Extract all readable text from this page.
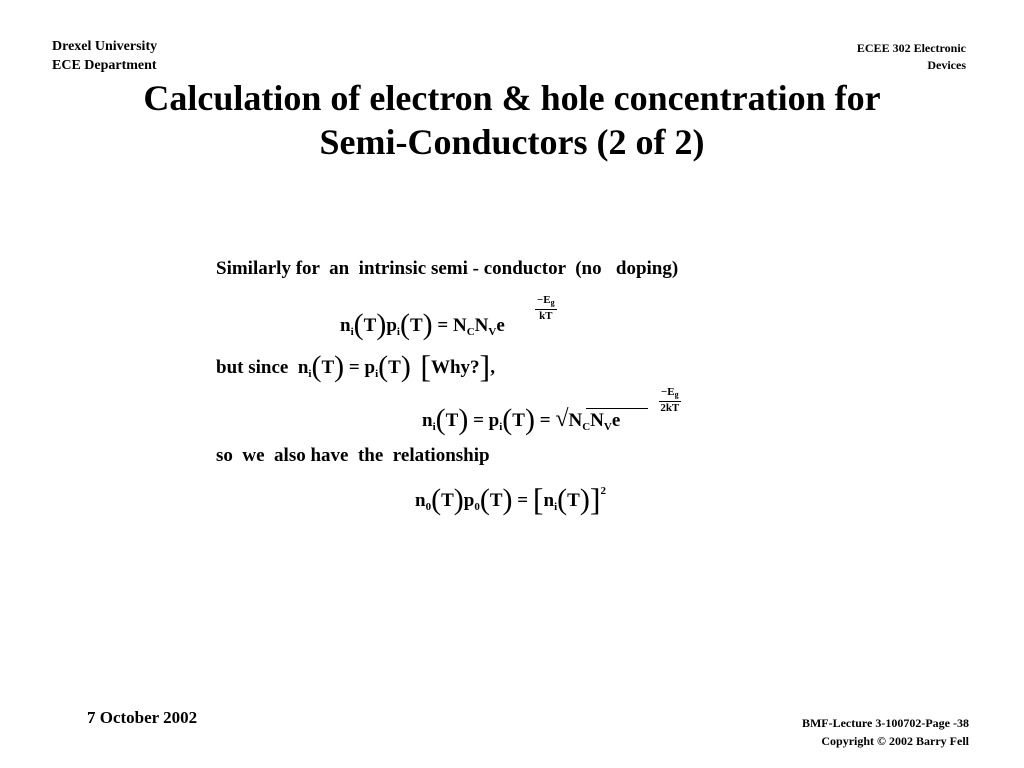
Drexel University
ECE Department
ECEE 302 Electronic
Devices
Calculation of electron & hole concentration for
Semi-Conductors (2 of 2)
Similarly for  an  intrinsic semi - conductor  (no   doping)
$n_i(T)p_i(T) = N_CN_Ve$
$\frac{-E_g}{kT}$
but since  $n_i(T) = p_i(T)$ [Why?],
$n_i(T) = p_i(T) = √N_CN_Ve$
$\frac{-E_g}{2kT}$
so  we  also have  the  relationship
$n_0(T)p_0(T) = [n_i(T)]^2$
7 October 2002	BMF-Lecture 3-100702-Page -38
Copyright © 2002 Barry Fell
